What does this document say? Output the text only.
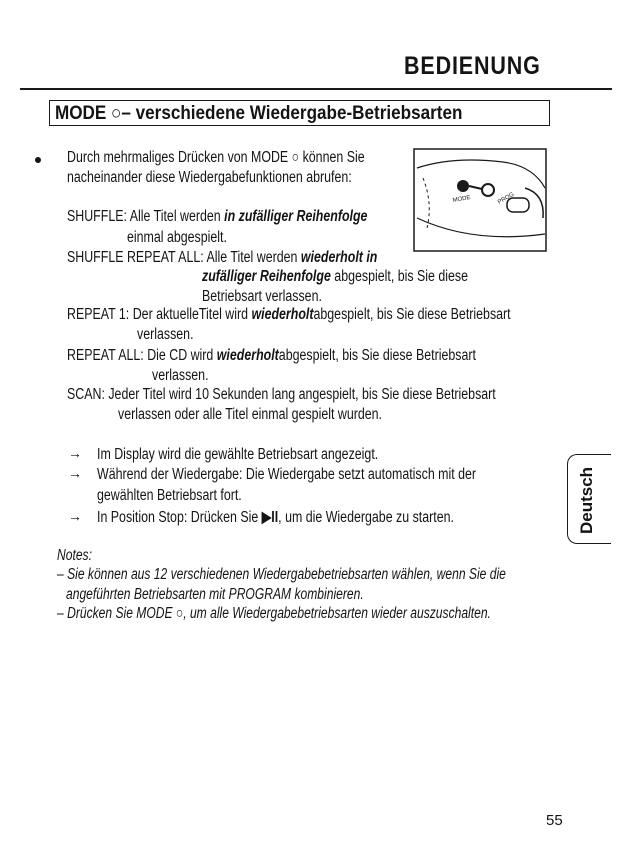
BEDIENUNG
MODE ○– verschiedene Wiedergabe-Betriebsarten
Durch mehrmaliges Drücken von MODE ○ können Sie
nacheinander diese Wiedergabefunktionen abrufen:
MODE	PROG
SHUFFLE: Alle Titel werden in zufälliger Reihenfolge
einmal abgespielt.
SHUFFLE REPEAT ALL: Alle Titel werden wiederholt in
zufälliger Reihenfolge abgespielt, bis Sie diese
Betriebsart verlassen.
REPEAT 1: Der aktuelleTitel wird wiederholtabgespielt, bis Sie diese Betriebsart
verlassen.
REPEAT ALL: Die CD wird wiederholtabgespielt, bis Sie diese Betriebsart
verlassen.
SCAN: Jeder Titel wird 10 Sekunden lang angespielt, bis Sie diese Betriebsart
verlassen oder alle Titel einmal gespielt wurden.
→ Im Display wird die gewählte Betriebsart angezeigt.
→ Während der Wiedergabe: Die Wiedergabe setzt automatisch mit der
gewählten Betriebsart fort.
→ In Position Stop: Drücken Sie ▶II, um die Wiedergabe zu starten.
Notes:
– Sie können aus 12 verschiedenen Wiedergabebetriebsarten wählen, wenn Sie die
angeführten Betriebsarten mit PROGRAM kombinieren.
– Drücken Sie MODE ○, um alle Wiedergabebetriebsarten wieder auszuschalten.
Deutsch
55
